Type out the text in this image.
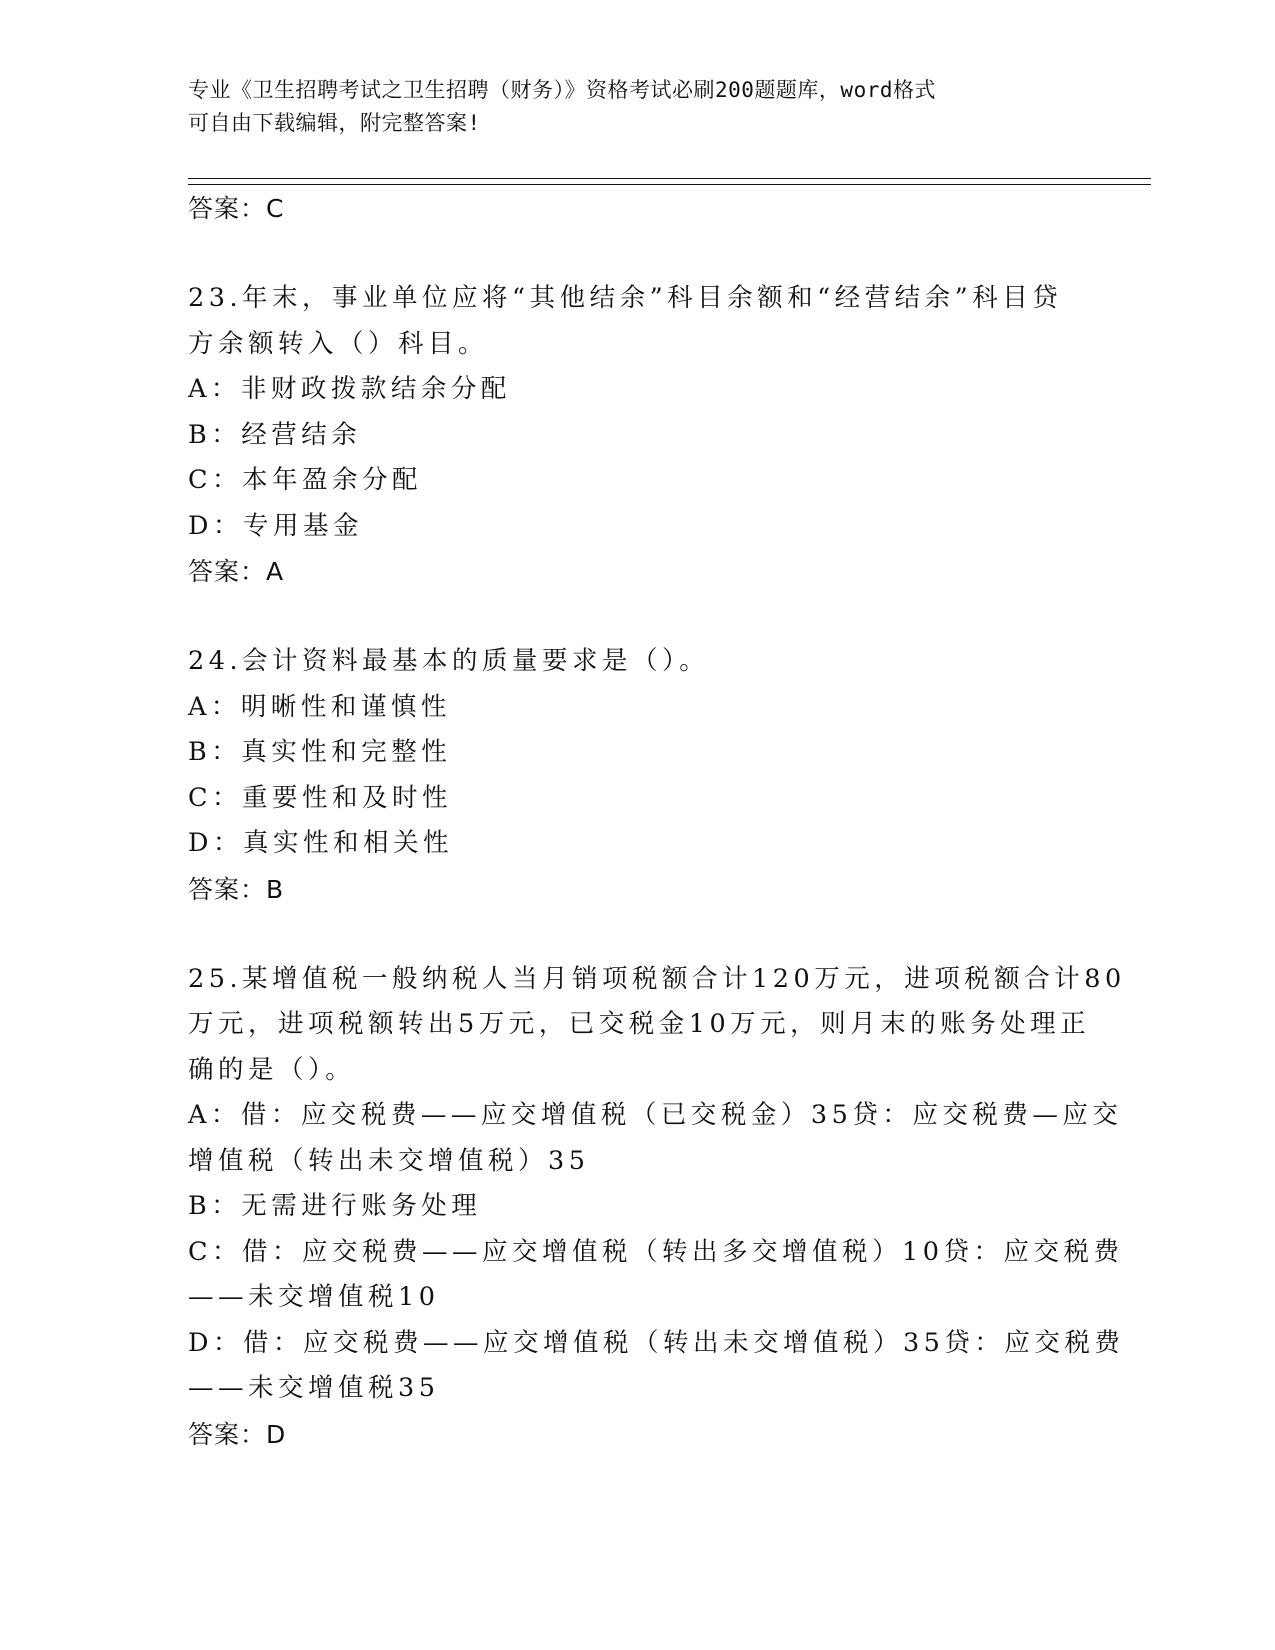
专业《卫生招聘考试之卫生招聘（财务）》资格考试必刷200题题库，word格式
可自由下载编辑，附完整答案!
答案：C
23.年末，事业单位应将“其他结余”科目余额和“经营结余”科目贷
方余额转入（）科目。
A：非财政拨款结余分配
B：经营结余
C：本年盈余分配
D：专用基金
答案：A
24.会计资料最基本的质量要求是（）。
A：明晰性和谨慎性
B：真实性和完整性
C：重要性和及时性
D：真实性和相关性
答案：B
25.某增值税一般纳税人当月销项税额合计120万元，进项税额合计80
万元，进项税额转出5万元，已交税金10万元，则月末的账务处理正
确的是（）。
A：借：应交税费——应交增值税（已交税金）35贷：应交税费—应交
增值税（转出未交增值税）35
B：无需进行账务处理
C：借：应交税费——应交增值税（转出多交增值税）10贷：应交税费
——未交增值税10
D：借：应交税费——应交增值税（转出未交增值税）35贷：应交税费
——未交增值税35
答案：D
